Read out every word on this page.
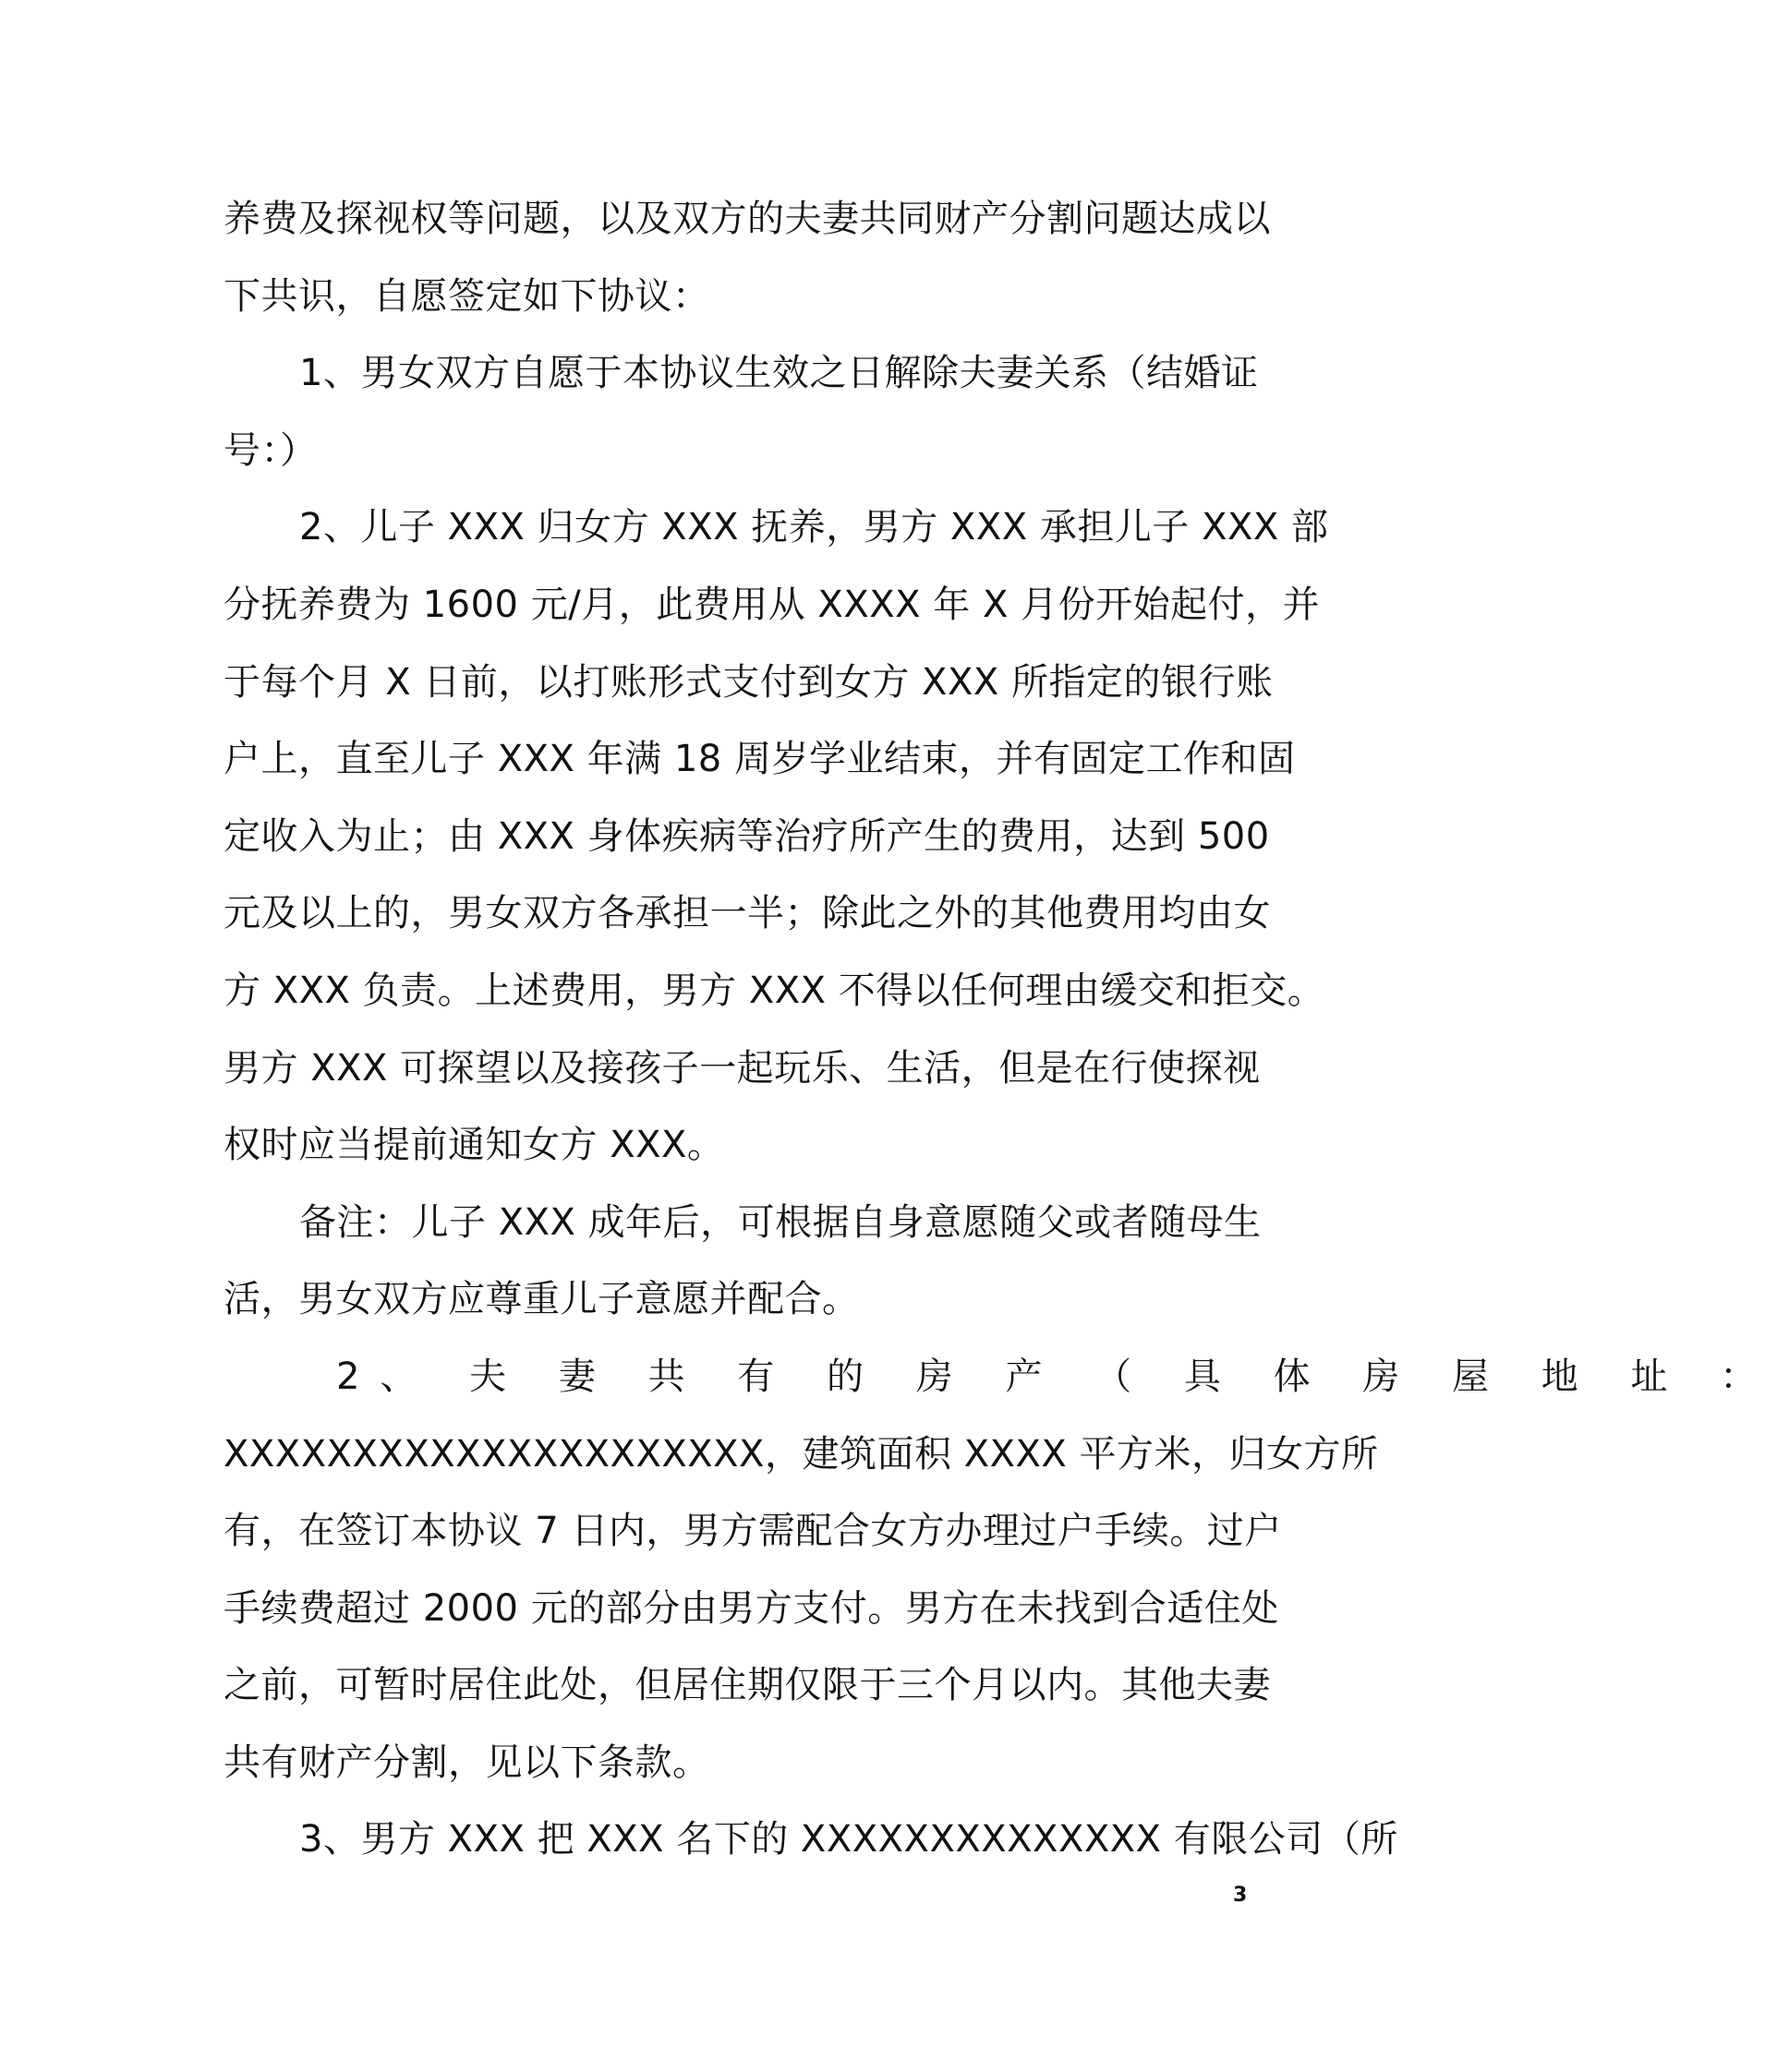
养费及探视权等问题，以及双方的夫妻共同财产分割问题达成以
下共识，自愿签定如下协议：
1、男女双方自愿于本协议生效之日解除夫妻关系（结婚证
号：）
2、儿子 XXX 归女方 XXX 抚养，男方 XXX 承担儿子 XXX 部
分抚养费为 1600 元/月，此费用从 XXXX 年 X 月份开始起付，并
于每个月 X 日前，以打账形式支付到女方 XXX 所指定的银行账
户上，直至儿子 XXX 年满 18 周岁学业结束，并有固定工作和固
定收入为止；由 XXX 身体疾病等治疗所产生的费用，达到 500
元及以上的，男女双方各承担一半；除此之外的其他费用均由女
方 XXX 负责。上述费用，男方 XXX 不得以任何理由缓交和拒交。
男方 XXX 可探望以及接孩子一起玩乐、生活，但是在行使探视
权时应当提前通知女方 XXX。
备注：儿子 XXX 成年后，可根据自身意愿随父或者随母生
活，男女双方应尊重儿子意愿并配合。
2、 夫 妻 共 有 的 房 产 （ 具 体 房 屋 地 址 ：
XXXXXXXXXXXXXXXXXXXXX，建筑面积 XXXX 平方米，归女方所
有，在签订本协议 7 日内，男方需配合女方办理过户手续。过户
手续费超过 2000 元的部分由男方支付。男方在未找到合适住处
之前，可暂时居住此处，但居住期仅限于三个月以内。其他夫妻
共有财产分割，见以下条款。
3、男方 XXX 把 XXX 名下的 XXXXXXXXXXXXXX 有限公司（所
3
